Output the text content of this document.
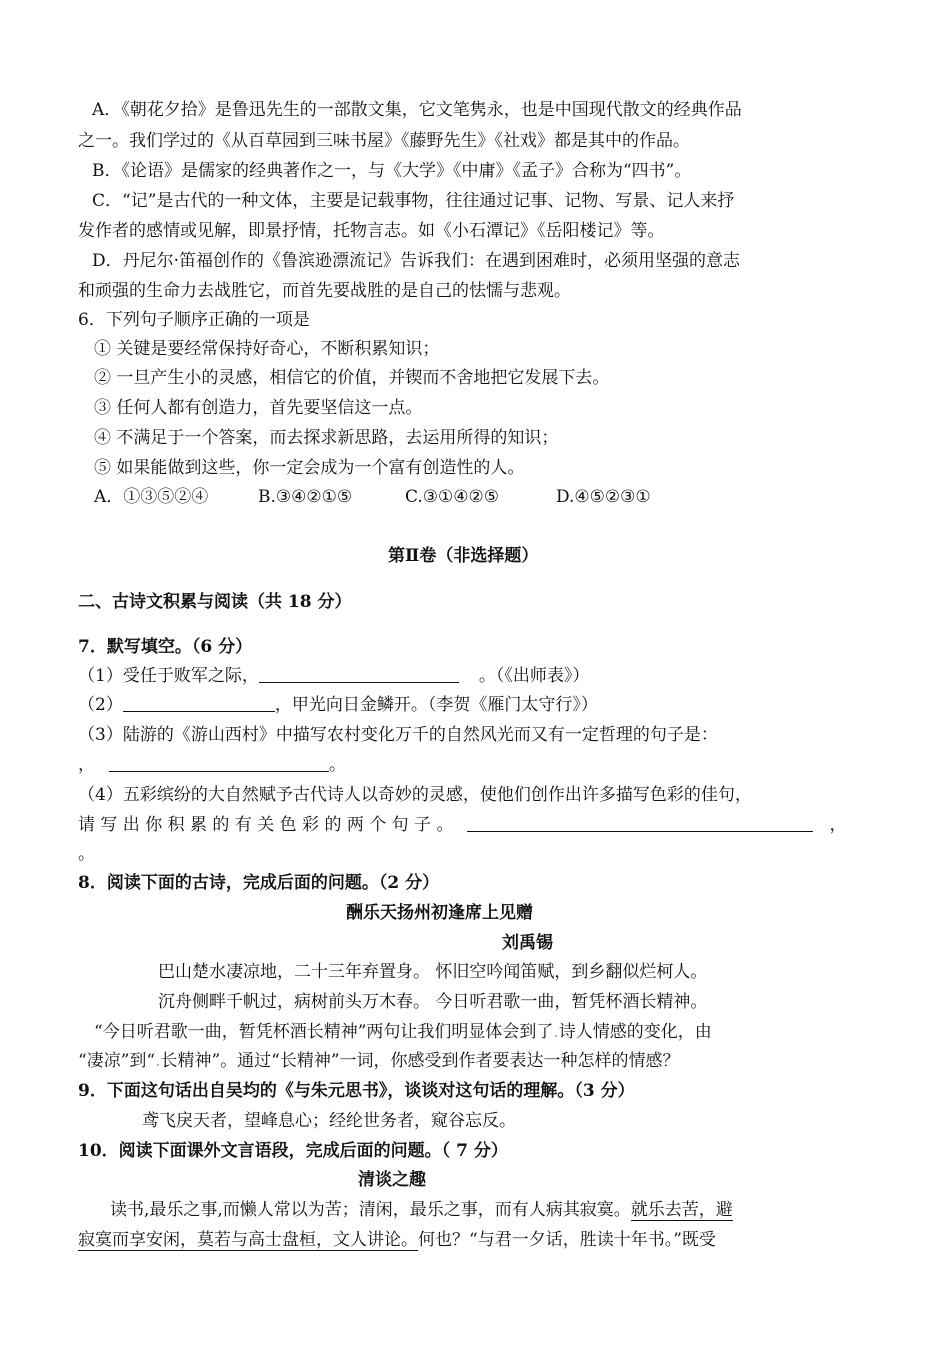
A．《朝花夕拾》是鲁迅先生的一部散文集，它文笔隽永，也是中国现代散文的经典作品
之一。我们学过的《从百草园到三味书屋》《藤野先生》《社戏》都是其中的作品。
B．《论语》是儒家的经典著作之一，与《大学》《中庸》《孟子》合称为“四书”。
C．“记”是古代的一种文体，主要是记载事物，往往通过记事、记物、写景、记人来抒
发作者的感情或见解，即景抒情，托物言志。如《小石潭记》《岳阳楼记》等。
D．丹尼尔·笛福创作的《鲁滨逊漂流记》告诉我们：在遇到困难时，必须用坚强的意志
和顽强的生命力去战胜它，而首先要战胜的是自己的怯懦与悲观。
6．下列句子顺序正确的一项是
① 关键是要经常保持好奇心，不断积累知识；
② 一旦产生小的灵感，相信它的价值，并锲而不舍地把它发展下去。
③ 任何人都有创造力，首先要坚信这一点。
④ 不满足于一个答案，而去探求新思路，去运用所得的知识；
⑤ 如果能做到这些，你一定会成为一个富有创造性的人。
A．①③⑤②④	B.③④②①⑤	C.③①④②⑤	D.④⑤②③①
第Ⅱ卷（非选择题）
二、古诗文积累与阅读（共 18 分）
7．默写填空。（6 分）
（1）受任于败军之际，	。（《出师表》）
（2）	，甲光向日金鳞开。（李贺《雁门太守行》）
（3）陆游的《游山西村》中描写农村变化万千的自然风光而又有一定哲理的句子是：
，	。
（4）五彩缤纷的大自然赋予古代诗人以奇妙的灵感，使他们创作出许多描写色彩的佳句，
请 写 出 你 积 累 的 有 关 色 彩 的 两 个 句 子 。	，
。
8．阅读下面的古诗，完成后面的问题。（2 分）
酬乐天扬州初逢席上见赠
刘禹锡
巴山楚水凄凉地，二十三年弃置身。 怀旧空吟闻笛赋，到乡翻似烂柯人。
沉舟侧畔千帆过，病树前头万木春。 今日听君歌一曲，暂凭杯酒长精神。
“今日听君歌一曲，暂凭杯酒长精神”两句让我们明显体会到了.诗人情感的变化，由
“凄凉”到“.长精神”。通过“长精神”一词，你感受到作者要表达一种怎样的情感？
9．下面这句话出自吴均的《与朱元思书》，谈谈对这句话的理解。（3 分）
鸢飞戾天者，望峰息心；经纶世务者，窥谷忘反。
10．阅读下面课外文言语段，完成后面的问题。（ 7 分）
清谈之趣
读书,最乐之事,而懒人常以为苦；清闲，最乐之事，而有人病其寂寞。就乐去苦，避
寂寞而享安闲，莫若与高士盘桓，文人讲论。何也？“与君一夕话，胜读十年书。”既受
